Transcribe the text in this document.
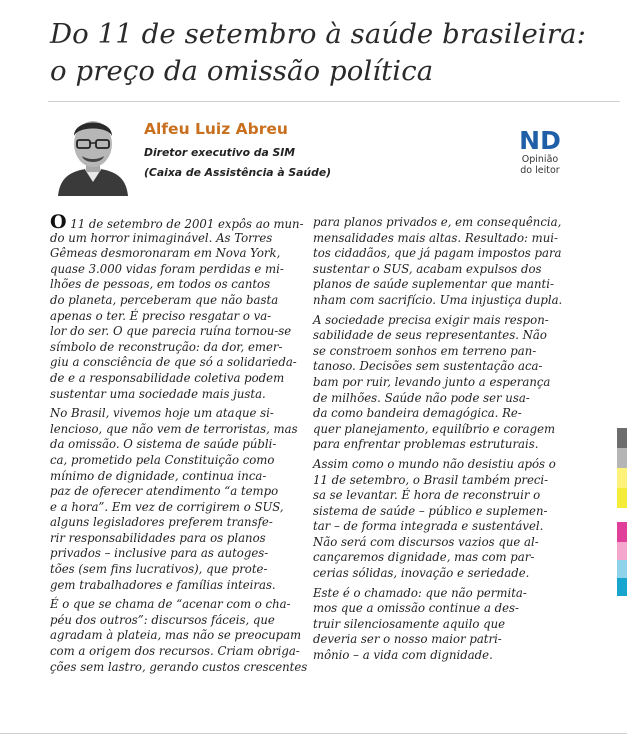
Do 11 de setembro à saúde brasileira:
o preço da omissão política
Alfeu Luiz Abreu
Diretor executivo da SIM
(Caixa de Assistência à Saúde)
ND
Opinião
do leitor
O 11 de setembro de 2001 expôs ao mun-
do um horror inimaginável. As Torres
Gêmeas desmoronaram em Nova York,
quase 3.000 vidas foram perdidas e mi-
lhões de pessoas, em todos os cantos
do planeta, perceberam que não basta
apenas o ter. É preciso resgatar o va-
lor do ser. O que parecia ruína tornou-se
símbolo de reconstrução: da dor, emer-
giu a consciência de que só a solidarieda-
de e a responsabilidade coletiva podem
sustentar uma sociedade mais justa.
No Brasil, vivemos hoje um ataque si-
lencioso, que não vem de terroristas, mas
da omissão. O sistema de saúde públi-
ca, prometido pela Constituição como
mínimo de dignidade, continua inca-
paz de oferecer atendimento “a tempo
e a hora”. Em vez de corrigirem o SUS,
alguns legisladores preferem transfe-
rir responsabilidades para os planos
privados – inclusive para as autoges-
tões (sem fins lucrativos), que prote-
gem trabalhadores e famílias inteiras.
É o que se chama de “acenar com o cha-
péu dos outros”: discursos fáceis, que
agradam à plateia, mas não se preocupam
com a origem dos recursos. Criam obriga-
ções sem lastro, gerando custos crescentes
para planos privados e, em consequência,
mensalidades mais altas. Resultado: mui-
tos cidadãos, que já pagam impostos para
sustentar o SUS, acabam expulsos dos
planos de saúde suplementar que manti-
nham com sacrifício. Uma injustiça dupla.
A sociedade precisa exigir mais respon-
sabilidade de seus representantes. Não
se constroem sonhos em terreno pan-
tanoso. Decisões sem sustentação aca-
bam por ruir, levando junto a esperança
de milhões. Saúde não pode ser usa-
da como bandeira demagógica. Re-
quer planejamento, equilíbrio e coragem
para enfrentar problemas estruturais.
Assim como o mundo não desistiu após o
11 de setembro, o Brasil também preci-
sa se levantar. É hora de reconstruir o
sistema de saúde – público e suplemen-
tar – de forma integrada e sustentável.
Não será com discursos vazios que al-
cançaremos dignidade, mas com par-
cerias sólidas, inovação e seriedade.
Este é o chamado: que não permita-
mos que a omissão continue a des-
truir silenciosamente aquilo que
deveria ser o nosso maior patri-
mônio – a vida com dignidade.
